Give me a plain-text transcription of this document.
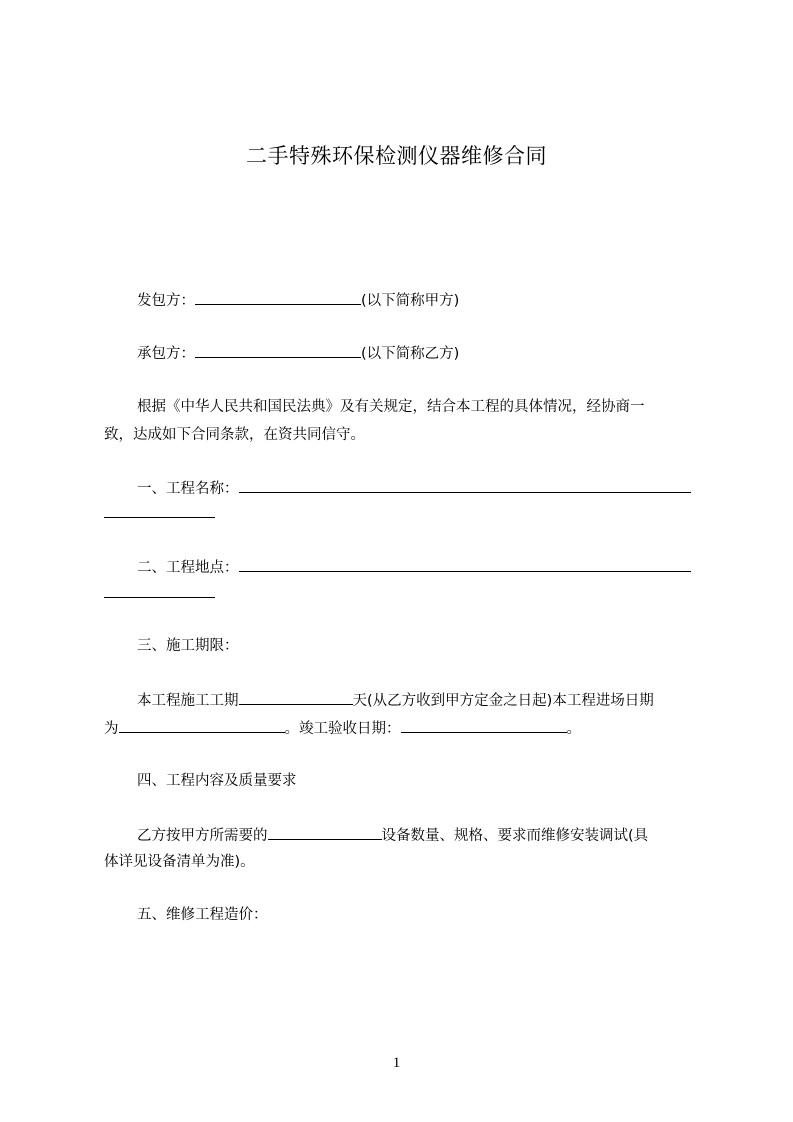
二手特殊环保检测仪器维修合同
发包方：	(以下简称甲方)
承包方：	(以下简称乙方)
根据《中华人民共和国民法典》及有关规定，结合本工程的具体情况，经协商一
致，达成如下合同条款，在资共同信守。
一、工程名称：
二、工程地点：
三、施工期限：
本工程施工工期	天(从乙方收到甲方定金之日起)本工程进场日期
为	。竣工验收日期：	。
四、工程内容及质量要求
乙方按甲方所需要的	设备数量、规格、要求而维修安装调试(具
体详见设备清单为准)。
五、维修工程造价：
1
